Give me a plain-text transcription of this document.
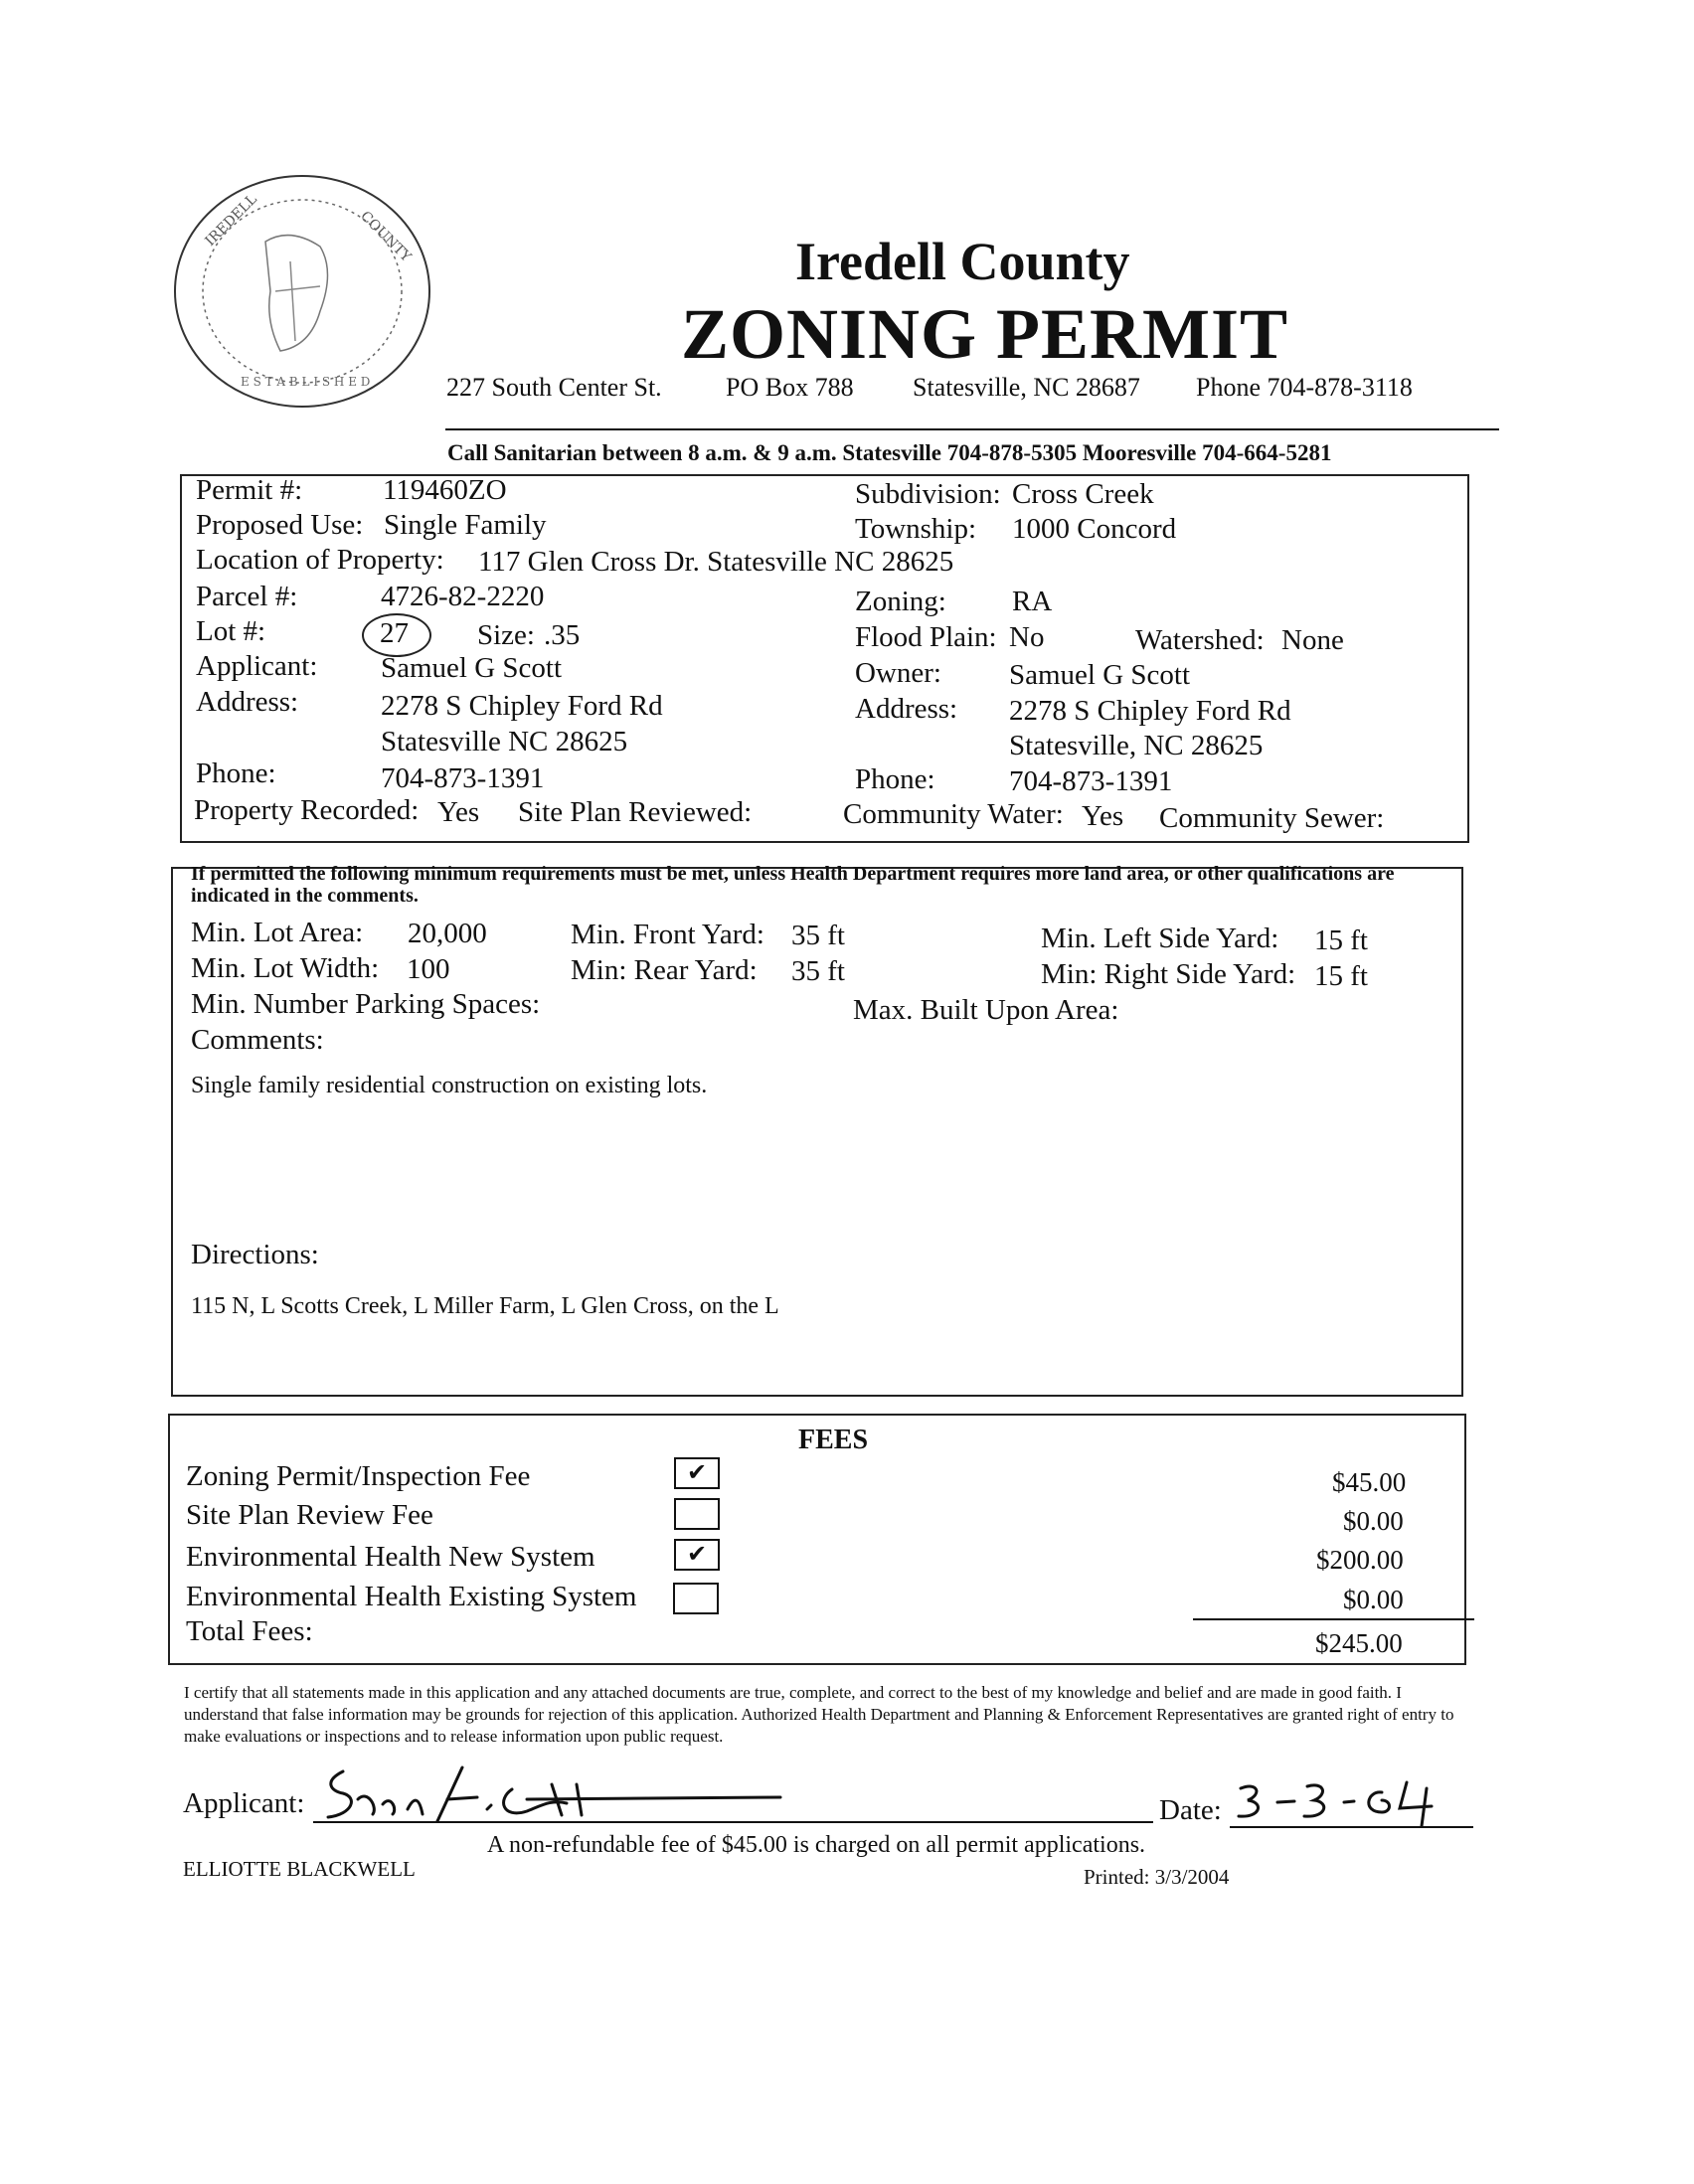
IREDELL	COUNTY
E S T A B L I S H E D
Iredell County
ZONING PERMIT
227 South Center St. PO Box 788 Statesville, NC 28687 Phone 704-878-3118
Call Sanitarian between 8 a.m. & 9 a.m. Statesville 704-878-5305 Mooresville 704-664-5281
Permit #:	119460ZO	Subdivision: Cross Creek
Proposed Use: Single Family	Township: 1000 Concord
Location of Property: 117 Glen Cross Dr. Statesville NC 28625
Parcel #:	4726-82-2220	Zoning: RA
Lot #:	27 Size: .35	Flood Plain: No	Watershed: None
Applicant: Samuel G Scott	Owner: Samuel G Scott
Address:	2278 S Chipley Ford Rd	Address: 2278 S Chipley Ford Rd
Statesville NC 28625	Statesville, NC 28625
Phone:	704-873-1391	Phone:	704-873-1391
Property Recorded: Yes Site Plan Reviewed:	Community Water: Yes Community Sewer:
If permitted the following minimum requirements must be met, unless Health Department requires more land area, or other qualifications are indicated in the comments.
Min. Lot Area: 20,000	Min. Front Yard: 35 ft	Min. Left Side Yard: 15 ft
Min. Lot Width: 100	Min: Rear Yard: 35 ft	Min: Right Side Yard: 15 ft
Min. Number Parking Spaces:	Max. Built Upon Area:
Comments:
Single family residential construction on existing lots.
Directions:
115 N, L Scotts Creek, L Miller Farm, L Glen Cross, on the L
FEES
Zoning Permit/Inspection Fee	✔	$45.00
Site Plan Review Fee	$0.00
Environmental Health New System	✔	$200.00
Environmental Health Existing System	$0.00
Total Fees:	$245.00
I certify that all statements made in this application and any attached documents are true, complete, and correct to the best of my knowledge and belief and are made in good faith. I understand that false information may be grounds for rejection of this application. Authorized Health Department and Planning & Enforcement Representatives are granted right of entry to make evaluations or inspections and to release information upon public request.
Applicant:	Date:
A non-refundable fee of $45.00 is charged on all permit applications.
ELLIOTTE BLACKWELL	Printed: 3/3/2004
